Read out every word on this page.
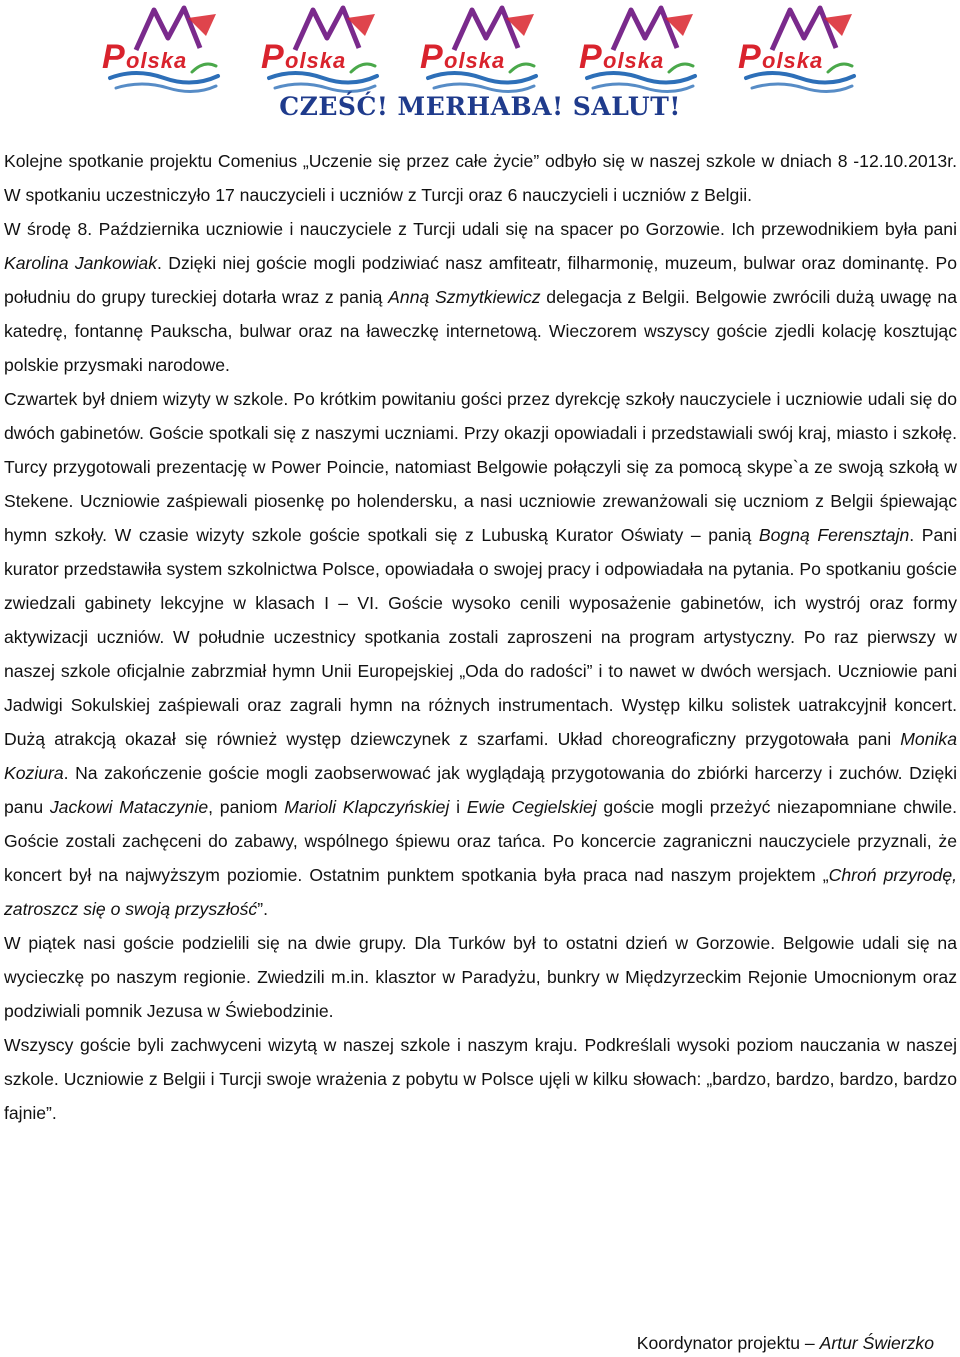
P olska P olska P olska P olska P olska
CZEŚĆ! MERHABA! SALUT!

Kolejne spotkanie projektu Comenius „Uczenie się przez całe życie” odbyło się w naszej szkole w dniach 8 -12.10.2013r. W spotkaniu uczestniczyło 17 nauczycieli i uczniów z Turcji oraz 6 nauczycieli i uczniów z Belgii.

W środę 8. Października uczniowie i nauczyciele z Turcji udali się na spacer po Gorzowie. Ich przewodnikiem była pani Karolina Jankowiak. Dzięki niej goście mogli podziwiać nasz amfiteatr, filharmonię, muzeum, bulwar oraz dominantę. Po południu do grupy tureckiej dotarła wraz z panią Anną Szmytkiewicz delegacja z Belgii. Belgowie zwrócili dużą uwagę na katedrę, fontannę Paukscha, bulwar oraz na ławeczkę internetową. Wieczorem wszyscy goście zjedli kolację kosztując polskie przysmaki narodowe.

Czwartek był dniem wizyty w szkole. Po krótkim powitaniu gości przez dyrekcję szkoły nauczyciele i uczniowie udali się do dwóch gabinetów. Goście spotkali się z naszymi uczniami. Przy okazji opowiadali i przedstawiali swój kraj, miasto i szkołę. Turcy przygotowali prezentację w Power Poincie, natomiast Belgowie połączyli się za pomocą skype`a ze swoją szkołą w Stekene. Uczniowie zaśpiewali piosenkę po holendersku, a nasi uczniowie zrewanżowali się uczniom z Belgii śpiewając hymn szkoły. W czasie wizyty szkole goście spotkali się z Lubuską Kurator Oświaty – panią Bogną Ferensztajn. Pani kurator przedstawiła system szkolnictwa Polsce, opowiadała o swojej pracy i odpowiadała na pytania. Po spotkaniu goście zwiedzali gabinety lekcyjne w klasach I – VI. Goście wysoko cenili wyposażenie gabinetów, ich wystrój oraz formy aktywizacji uczniów. W południe uczestnicy spotkania zostali zaproszeni na program artystyczny. Po raz pierwszy w naszej szkole oficjalnie zabrzmiał hymn Unii Europejskiej „Oda do radości” i to nawet w dwóch wersjach. Uczniowie pani Jadwigi Sokulskiej zaśpiewali oraz zagrali hymn na różnych instrumentach. Występ kilku solistek uatrakcyjnił koncert. Dużą atrakcją okazał się również występ dziewczynek z szarfami. Układ choreograficzny przygotowała pani Monika Koziura. Na zakończenie goście mogli zaobserwować jak wyglądają przygotowania do zbiórki harcerzy i zuchów. Dzięki panu Jackowi Mataczynie, paniom Marioli Klapczyńskiej i Ewie Cegielskiej goście mogli przeżyć niezapomniane chwile. Goście zostali zachęceni do zabawy, wspólnego śpiewu oraz tańca. Po koncercie zagraniczni nauczyciele przyznali, że koncert był na najwyższym poziomie. Ostatnim punktem spotkania była praca nad naszym projektem „Chroń przyrodę, zatroszcz się o swoją przyszłość”.

W piątek nasi goście podzielili się na dwie grupy. Dla Turków był to ostatni dzień w Gorzowie. Belgowie udali się na wycieczkę po naszym regionie. Zwiedzili m.in. klasztor w Paradyżu, bunkry w Międzyrzeckim Rejonie Umocnionym oraz podziwiali pomnik Jezusa w Świebodzinie.

Wszyscy goście byli zachwyceni wizytą w naszej szkole i naszym kraju. Podkreślali wysoki poziom nauczania w naszej szkole. Uczniowie z Belgii i Turcji swoje wrażenia z pobytu w Polsce ujęli w kilku słowach: „bardzo, bardzo, bardzo, bardzo fajnie”.

Koordynator projektu – Artur Świerzko
